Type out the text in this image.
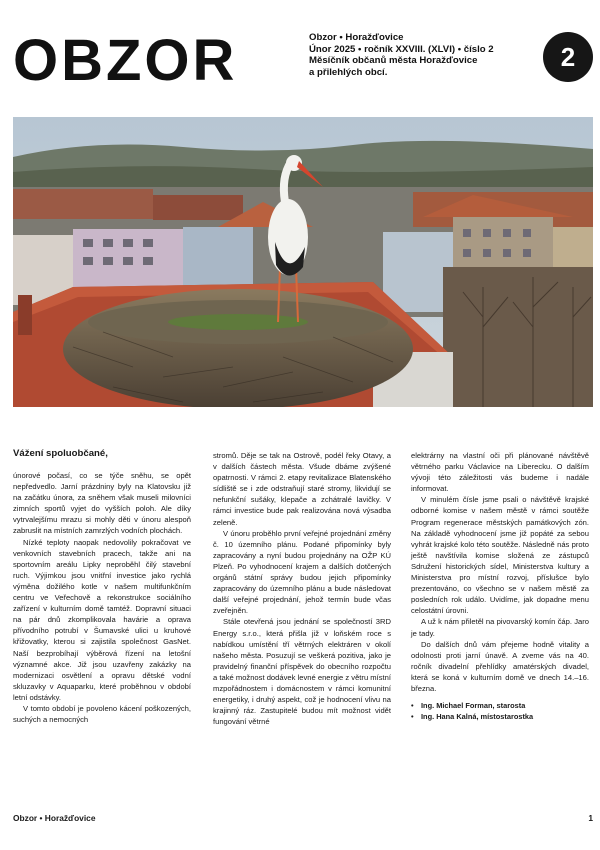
OBZOR	Obzor • Horažďovice
Únor 2025 • ročník XXVIII. (XLVI) • číslo 2
Měsíčník občanů města Horažďovice
a přilehlých obcí.
2
Vážení spoluobčané,

únorové počasí, co se týče sněhu, se opět nepředvedlo. Jarní prázdniny byly na Klatovsku již na začátku února, za sněhem však museli milovníci zimních sportů vyjet do vyšších poloh. Ale díky vytrvalejšímu mrazu si mohly děti v únoru alespoň zabruslit na místních zamrzlých vodních plochách.

Nízké teploty naopak nedovolily pokračovat ve venkovních stavebních pracech, takže ani na sportovním areálu Lipky neproběhl čilý stavební ruch. Výjimkou jsou vnitřní investice jako rychlá výměna dožilého kotle v našem multifunkčním centru ve Veřechově a rekonstrukce sociálního zařízení v kulturním domě tamtéž. Dopravní situaci na pár dnů zkomplikovala havárie a oprava přívodního potrubí v Šumavské ulici u kruhové křižovatky, kterou si zajistila společnost GasNet. Naší bezprobíhají výběrová řízení na letošní významné akce. Již jsou uzavřeny zakázky na modernizaci osvětlení a opravu dětské vodní skluzavky v Aquaparku, které proběhnou v období letní odstávky.

V tomto období je povoleno kácení poškozených, suchých a nemocných

stromů. Děje se tak na Ostrově, podél řeky Otavy, a v dalších částech města. Všude dbáme zvýšené opatrnosti. V rámci 2. etapy revitalizace Blatenského sídliště se i zde odstraňují staré stromy, likvidují se nefunkční sušáky, klepače a zchátralé lavičky. V rámci investice bude pak realizována nová výsadba zeleně.

V únoru proběhlo první veřejné projednání změny č. 10 územního plánu. Podané připomínky byly zapracovány a nyní budou projednány na OŽP KÚ Plzeň. Po vyhodnocení krajem a dalších dotčených orgánů státní správy budou jejich připomínky zapracovány do územního plánu a bude následovat další veřejné projednání, jehož termín bude včas zveřejněn.

Stále otevřená jsou jednání se společností 3RD Energy s.r.o., která přišla již v loňském roce s nabídkou umístění tří větrných elektráren v okolí našeho města. Posuzují se veškerá pozitiva, jako je pravidelný finanční příspěvek do obecního rozpočtu a také možnost dodávek levné energie z větru místní mzpořádnostem i domácnostem v rámci komunitní energetiky, i druhý aspekt, což je hodnocení vlivu na krajinný ráz. Zastupitelé budou mít možnost vidět fungování větrné

elektrárny na vlastní oči při plánované návštěvě větrného parku Václavice na Liberecku. O dalším vývoji této záležitosti vás budeme i nadále informovat.

V minulém čísle jsme psali o návštěvě krajské odborné komise v našem městě v rámci soutěže Program regenerace městských památkových zón. Na základě vyhodnocení jsme již popáté za sebou vyhrát krajské kolo této soutěže. Následně nás proto ještě navštívila komise složená ze zástupců Sdružení historických sídel, Ministerstva kultury a Ministerstva pro místní rozvoj, příslušce bylo prezentováno, co všechno se v našem městě za posledních rok událo. Uvidíme, jak dopadne menu celostátní úrovni.

A už k nám přiletěl na pivovarský komín čáp. Jaro je tady.

Do dalších dnů vám přejeme hodně vitality a odolnosti proti jarní únavě. A zveme vás na 40. ročník divadelní přehlídky amatérských divadel, která se koná v kulturním domě ve dnech 14.–16. března.

• Ing. Michael Forman, starosta
• Ing. Hana Kalná, místostarostka
Obzor • Horažďovice	1
